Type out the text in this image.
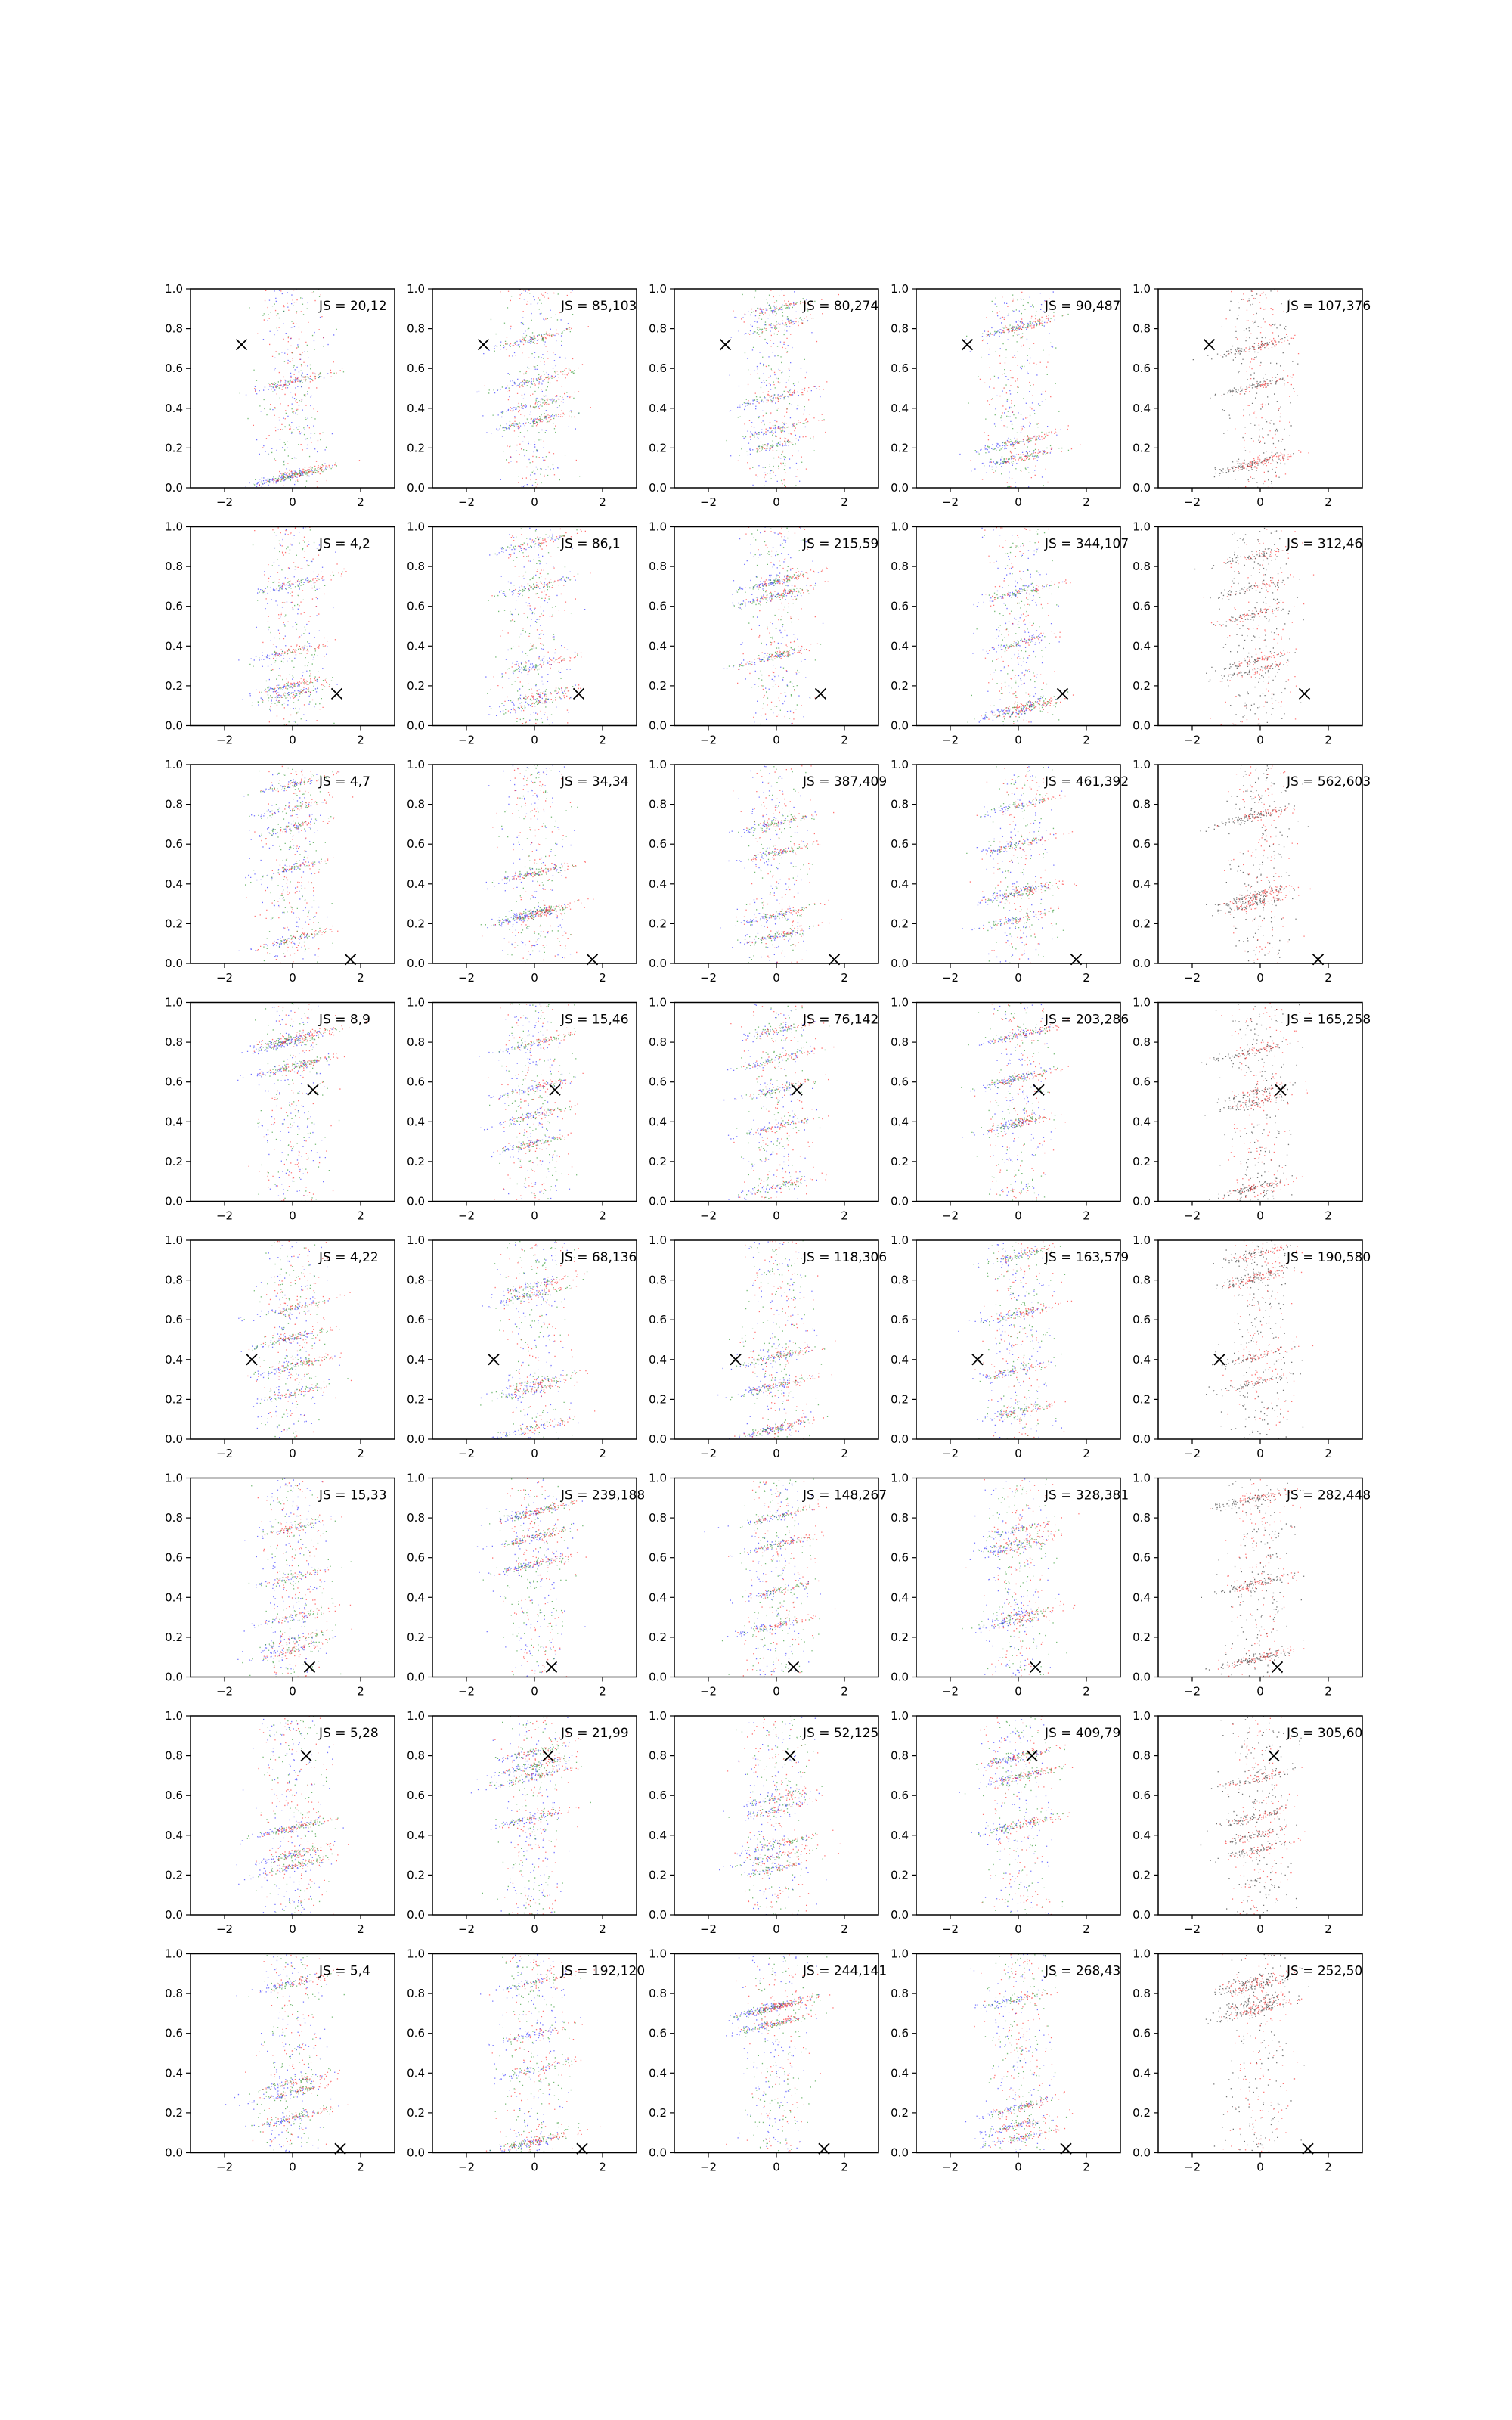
−2	0	2
0.0
0.2
0.4
0.6
0.8
1.0
JS = 20,12
−2	0	2
0.0
0.2
0.4
0.6
0.8
1.0
JS = 85,103
−2	0	2
0.0
0.2
0.4
0.6
0.8
1.0
JS = 80,274
−2	0	2
0.0
0.2
0.4
0.6
0.8
1.0
JS = 90,487
−2	0	2
0.0
0.2
0.4
0.6
0.8
1.0
JS = 107,376
−2	0	2
0.0
0.2
0.4
0.6
0.8
1.0
JS = 4,2
−2	0	2
0.0
0.2
0.4
0.6
0.8
1.0
JS = 86,1
−2	0	2
0.0
0.2
0.4
0.6
0.8
1.0
JS = 215,59
−2	0	2
0.0
0.2
0.4
0.6
0.8
1.0
JS = 344,107
−2	0	2
0.0
0.2
0.4
0.6
0.8
1.0
JS = 312,46
−2	0	2
0.0
0.2
0.4
0.6
0.8
1.0
JS = 4,7
−2	0	2
0.0
0.2
0.4
0.6
0.8
1.0
JS = 34,34
−2	0	2
0.0
0.2
0.4
0.6
0.8
1.0
JS = 387,409
−2	0	2
0.0
0.2
0.4
0.6
0.8
1.0
JS = 461,392
−2	0	2
0.0
0.2
0.4
0.6
0.8
1.0
JS = 562,603
−2	0	2
0.0
0.2
0.4
0.6
0.8
1.0
JS = 8,9
−2	0	2
0.0
0.2
0.4
0.6
0.8
1.0
JS = 15,46
−2	0	2
0.0
0.2
0.4
0.6
0.8
1.0
JS = 76,142
−2	0	2
0.0
0.2
0.4
0.6
0.8
1.0
JS = 203,286
−2	0	2
0.0
0.2
0.4
0.6
0.8
1.0
JS = 165,258
−2	0	2
0.0
0.2
0.4
0.6
0.8
1.0
JS = 4,22
−2	0	2
0.0
0.2
0.4
0.6
0.8
1.0
JS = 68,136
−2	0	2
0.0
0.2
0.4
0.6
0.8
1.0
JS = 118,306
−2	0	2
0.0
0.2
0.4
0.6
0.8
1.0
JS = 163,579
−2	0	2
0.0
0.2
0.4
0.6
0.8
1.0
JS = 190,580
−2	0	2
0.0
0.2
0.4
0.6
0.8
1.0
JS = 15,33
−2	0	2
0.0
0.2
0.4
0.6
0.8
1.0
JS = 239,188
−2	0	2
0.0
0.2
0.4
0.6
0.8
1.0
JS = 148,267
−2	0	2
0.0
0.2
0.4
0.6
0.8
1.0
JS = 328,381
−2	0	2
0.0
0.2
0.4
0.6
0.8
1.0
JS = 282,448
−2	0	2
0.0
0.2
0.4
0.6
0.8
1.0
JS = 5,28
−2	0	2
0.0
0.2
0.4
0.6
0.8
1.0
JS = 21,99
−2	0	2
0.0
0.2
0.4
0.6
0.8
1.0
JS = 52,125
−2	0	2
0.0
0.2
0.4
0.6
0.8
1.0
JS = 409,79
−2	0	2
0.0
0.2
0.4
0.6
0.8
1.0
JS = 305,60
−2	0	2
0.0
0.2
0.4
0.6
0.8
1.0
JS = 5,4
−2	0	2
0.0
0.2
0.4
0.6
0.8
1.0
JS = 192,120
−2	0	2
0.0
0.2
0.4
0.6
0.8
1.0
JS = 244,141
−2	0	2
0.0
0.2
0.4
0.6
0.8
1.0
JS = 268,43
−2	0	2
0.0
0.2
0.4
0.6
0.8
1.0
JS = 252,50
